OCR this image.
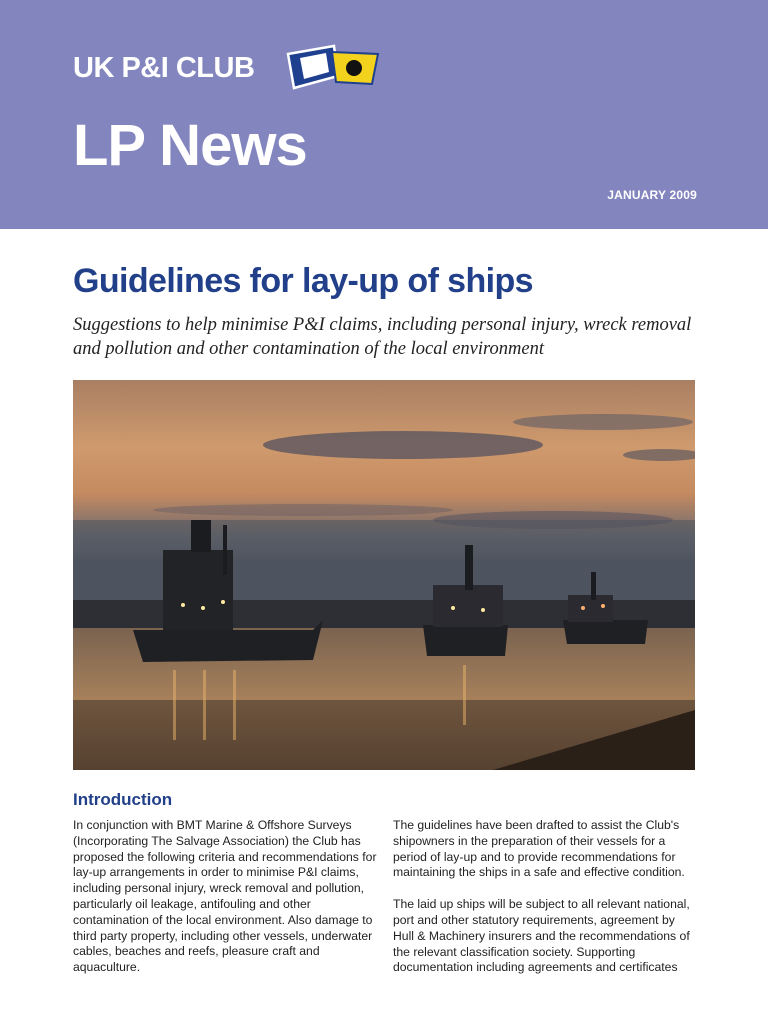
UK P&I CLUB
LP News
JANUARY 2009
Guidelines for lay-up of ships
Suggestions to help minimise P&I claims, including personal injury, wreck removal and pollution and other contamination of the local environment
Introduction

In conjunction with BMT Marine & Offshore Surveys (Incorporating The Salvage Association) the Club has proposed the following criteria and recommendations for lay-up arrangements in order to minimise P&I claims, including personal injury, wreck removal and pollution, particularly oil leakage, antifouling and other contamination of the local environment. Also damage to third party property, including other vessels, underwater cables, beaches and reefs, pleasure craft and aquaculture.

The guidelines have been drafted to assist the Club's shipowners in the preparation of their vessels for a period of lay-up and to provide recommendations for maintaining the ships in a safe and effective condition.

The laid up ships will be subject to all relevant national, port and other statutory requirements, agreement by Hull & Machinery insurers and the recommendations of the relevant classification society. Supporting documentation including agreements and certificates
